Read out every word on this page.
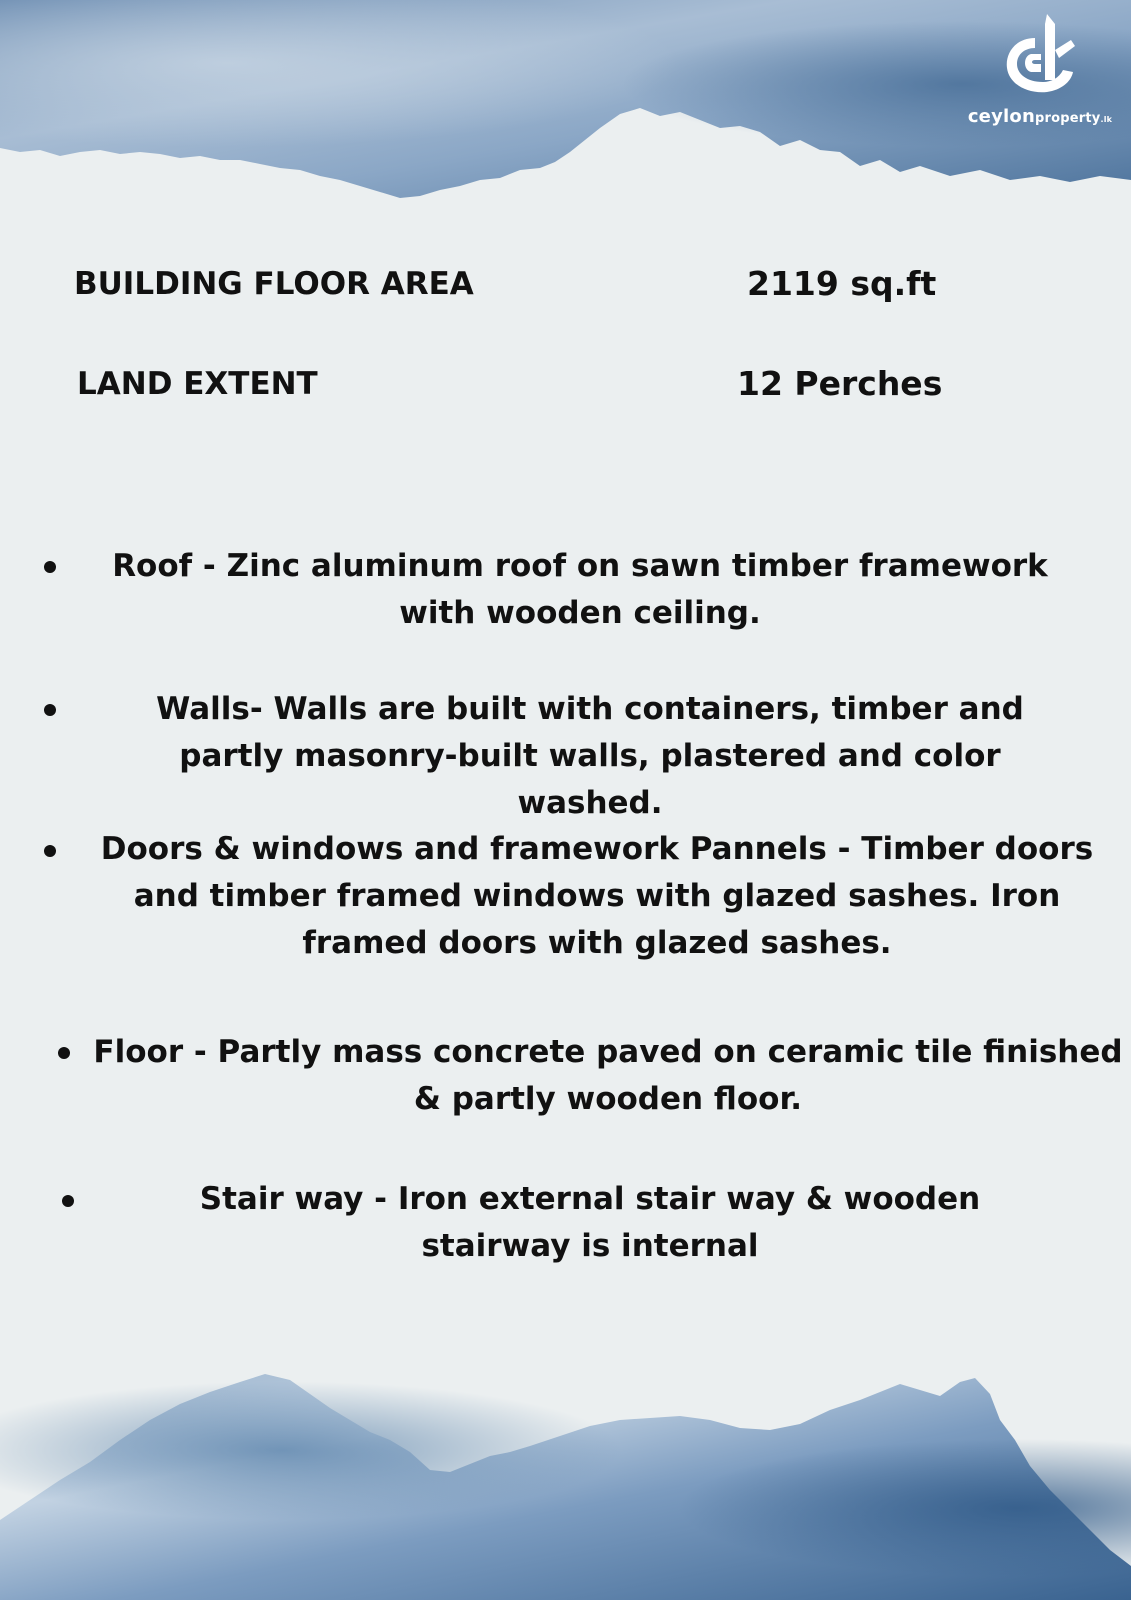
ceylonproperty.lk
BUILDING FLOOR AREA	2119 sq.ft
LAND EXTENT	12 Perches
Roof - Zinc aluminum roof on sawn timber framework with wooden ceiling.
Walls- Walls are built with containers, timber and partly masonry-built walls, plastered and color washed.
Doors & windows and framework Pannels - Timber doors and timber framed windows with glazed sashes. Iron framed doors with glazed sashes.
Floor - Partly mass concrete paved on ceramic tile finished & partly wooden floor.
Stair way - Iron external stair way & wooden stairway is internal
